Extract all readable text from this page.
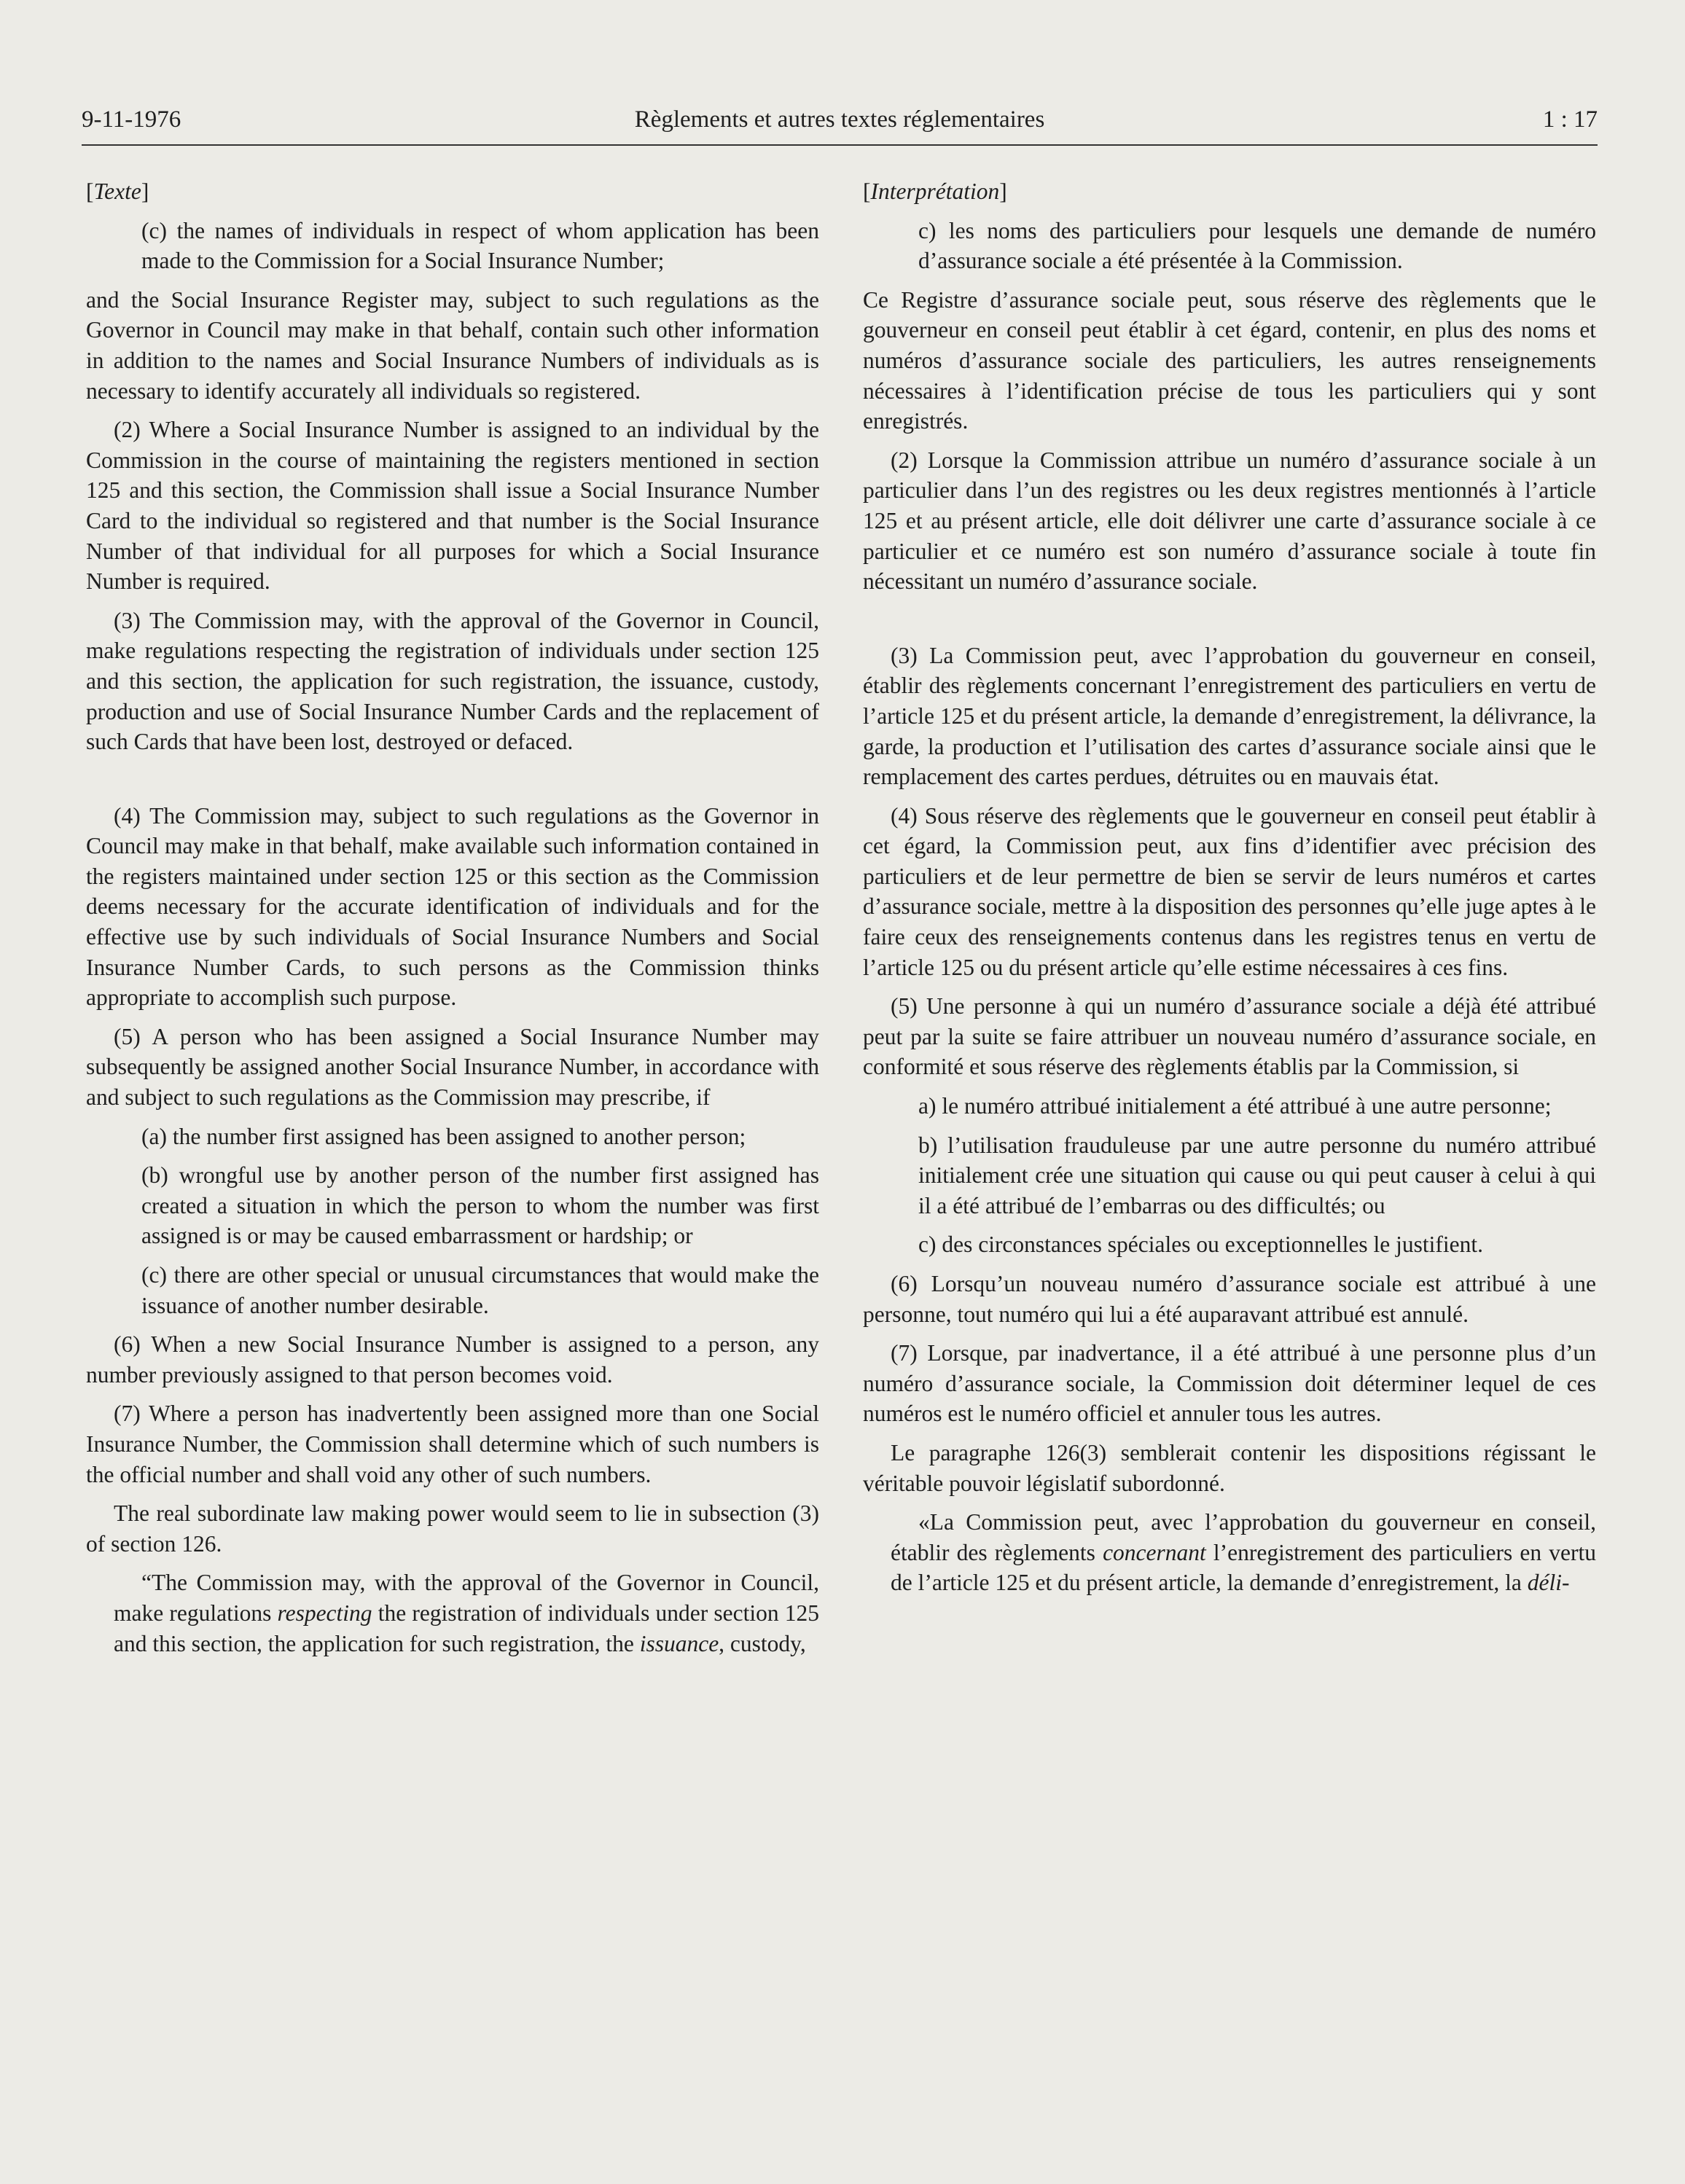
9-11-1976	Règlements et autres textes réglementaires	1 : 17

[Texte]

(c) the names of individuals in respect of whom application has been made to the Commission for a Social Insurance Number;

and the Social Insurance Register may, subject to such regulations as the Governor in Council may make in that behalf, contain such other information in addition to the names and Social Insurance Numbers of individuals as is necessary to identify accurately all individuals so registered.

(2) Where a Social Insurance Number is assigned to an individual by the Commission in the course of maintaining the registers mentioned in section 125 and this section, the Commission shall issue a Social Insurance Number Card to the individual so registered and that number is the Social Insurance Number of that individual for all purposes for which a Social Insurance Number is required.

(3) The Commission may, with the approval of the Governor in Council, make regulations respecting the registration of individuals under section 125 and this section, the application for such registration, the issuance, custody, production and use of Social Insurance Number Cards and the replacement of such Cards that have been lost, destroyed or defaced.

(4) The Commission may, subject to such regulations as the Governor in Council may make in that behalf, make available such information contained in the registers maintained under section 125 or this section as the Commission deems necessary for the accurate identification of individuals and for the effective use by such individuals of Social Insurance Numbers and Social Insurance Number Cards, to such persons as the Commission thinks appropriate to accomplish such purpose.

(5) A person who has been assigned a Social Insurance Number may subsequently be assigned another Social Insurance Number, in accordance with and subject to such regulations as the Commission may prescribe, if

(a) the number first assigned has been assigned to another person;

(b) wrongful use by another person of the number first assigned has created a situation in which the person to whom the number was first assigned is or may be caused embarrassment or hardship; or

(c) there are other special or unusual circumstances that would make the issuance of another number desirable.

(6) When a new Social Insurance Number is assigned to a person, any number previously assigned to that person becomes void.

(7) Where a person has inadvertently been assigned more than one Social Insurance Number, the Commission shall determine which of such numbers is the official number and shall void any other of such numbers.

The real subordinate law making power would seem to lie in subsection (3) of section 126.

“The Commission may, with the approval of the Governor in Council, make regulations respecting the registration of individuals under section 125 and this section, the application for such registration, the issuance, custody,

[Interprétation]

c) les noms des particuliers pour lesquels une demande de numéro d’assurance sociale a été présentée à la Commission.

Ce Registre d’assurance sociale peut, sous réserve des règlements que le gouverneur en conseil peut établir à cet égard, contenir, en plus des noms et numéros d’assurance sociale des particuliers, les autres renseignements nécessaires à l’identification précise de tous les particuliers qui y sont enregistrés.

(2) Lorsque la Commission attribue un numéro d’assurance sociale à un particulier dans l’un des registres ou les deux registres mentionnés à l’article 125 et au présent article, elle doit délivrer une carte d’assurance sociale à ce particulier et ce numéro est son numéro d’assurance sociale à toute fin nécessitant un numéro d’assurance sociale.

(3) La Commission peut, avec l’approbation du gouverneur en conseil, établir des règlements concernant l’enregistrement des particuliers en vertu de l’article 125 et du présent article, la demande d’enregistrement, la délivrance, la garde, la production et l’utilisation des cartes d’assurance sociale ainsi que le remplacement des cartes perdues, détruites ou en mauvais état.

(4) Sous réserve des règlements que le gouverneur en conseil peut établir à cet égard, la Commission peut, aux fins d’identifier avec précision des particuliers et de leur permettre de bien se servir de leurs numéros et cartes d’assurance sociale, mettre à la disposition des personnes qu’elle juge aptes à le faire ceux des renseignements contenus dans les registres tenus en vertu de l’article 125 ou du présent article qu’elle estime nécessaires à ces fins.

(5) Une personne à qui un numéro d’assurance sociale a déjà été attribué peut par la suite se faire attribuer un nouveau numéro d’assurance sociale, en conformité et sous réserve des règlements établis par la Commission, si

a) le numéro attribué initialement a été attribué à une autre personne;

b) l’utilisation frauduleuse par une autre personne du numéro attribué initialement crée une situation qui cause ou qui peut causer à celui à qui il a été attribué de l’embarras ou des difficultés; ou

c) des circonstances spéciales ou exceptionnelles le justifient.

(6) Lorsqu’un nouveau numéro d’assurance sociale est attribué à une personne, tout numéro qui lui a été auparavant attribué est annulé.

(7) Lorsque, par inadvertance, il a été attribué à une personne plus d’un numéro d’assurance sociale, la Commission doit déterminer lequel de ces numéros est le numéro officiel et annuler tous les autres.

Le paragraphe 126(3) semblerait contenir les dispositions régissant le véritable pouvoir législatif subordonné.

«La Commission peut, avec l’approbation du gouverneur en conseil, établir des règlements concernant l’enregistrement des particuliers en vertu de l’article 125 et du présent article, la demande d’enregistrement, la déli-
